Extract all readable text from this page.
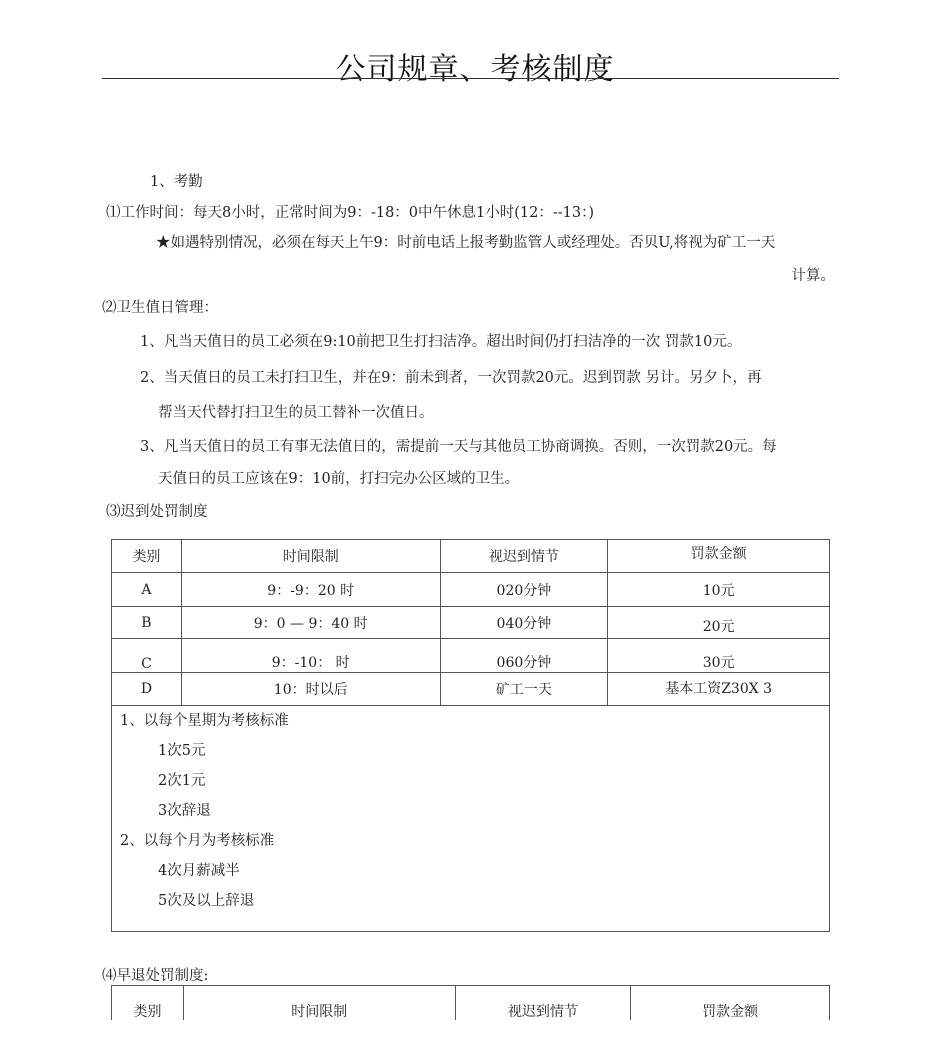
公司规章、考核制度
1、考勤
⑴工作时间：每天8小时，正常时间为9：-18：0中午休息1小时(12：--13：)
★如遇特别情况，必须在每天上午9：时前电话上报考勤监管人或经理处。否贝U,将视为矿工一天
计算。
⑵卫生值日管理：
1、凡当天值日的员工必须在9:10前把卫生打扫洁净。超出时间仍打扫洁净的一次 罚款10元。
2、当天值日的员工未打扫卫生，并在9：前未到者，一次罚款20元。迟到罚款 另计。另夕卜，再
帮当天代替打扫卫生的员工替补一次值日。
3、凡当天值日的员工有事无法值日的，需提前一天与其他员工协商调换。否则，一次罚款20元。每
天值日的员工应该在9：10前，打扫完办公区域的卫生。
⑶迟到处罚制度
类别	时间限制	视迟到情节	罚款金额
A	9：-9：20 时	020分钟	10元
B	9：0 — 9：40 时	040分钟	20元
C	9：-10： 时	060分钟	30元
D	10：时以后	矿工一天	基本工资Z30X 3
1、以每个星期为考核标准
1次5元
2次1元
3次辞退
2、以每个月为考核标准
4次月薪减半
5次及以上辞退
⑷早退处罚制度:
类别	时间限制	视迟到情节	罚款金额
